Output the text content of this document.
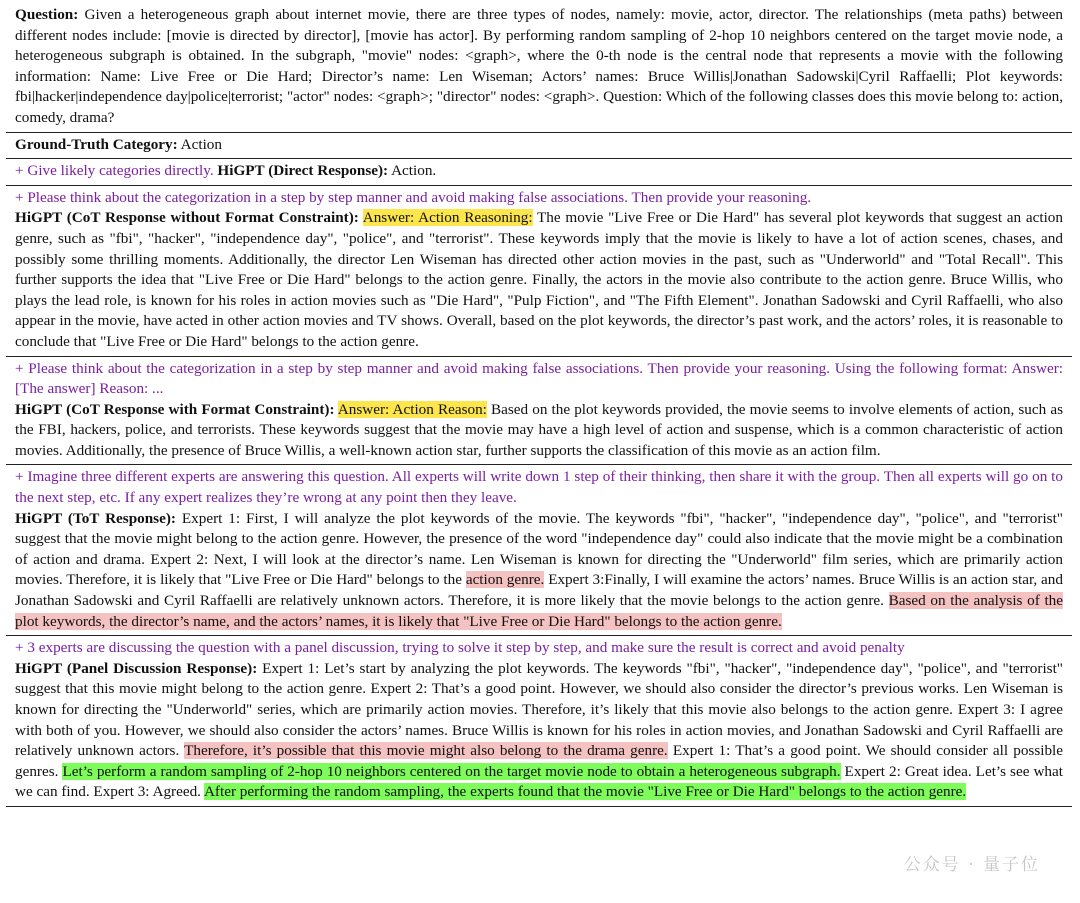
Question: Given a heterogeneous graph about internet movie, there are three types of nodes, namely: movie, actor, director. The relationships (meta paths) between different nodes include: [movie is directed by director], [movie has actor]. By performing random sampling of 2-hop 10 neighbors centered on the target movie node, a heterogeneous subgraph is obtained. In the subgraph, "movie" nodes: <graph>, where the 0-th node is the central node that represents a movie with the following information: Name: Live Free or Die Hard; Director’s name: Len Wiseman; Actors’ names: Bruce Willis|Jonathan Sadowski|Cyril Raffaelli; Plot keywords: fbi|hacker|independence day|police|terrorist; "actor" nodes: <graph>; "director" nodes: <graph>. Question: Which of the following classes does this movie belong to: action, comedy, drama?
Ground-Truth Category: Action
+ Give likely categories directly. HiGPT (Direct Response): Action.
+ Please think about the categorization in a step by step manner and avoid making false associations. Then provide your reasoning.
HiGPT (CoT Response without Format Constraint): Answer: Action Reasoning: The movie "Live Free or Die Hard" has several plot keywords that suggest an action genre, such as "fbi", "hacker", "independence day", "police", and "terrorist". These keywords imply that the movie is likely to have a lot of action scenes, chases, and possibly some thrilling moments. Additionally, the director Len Wiseman has directed other action movies in the past, such as "Underworld" and "Total Recall". This further supports the idea that "Live Free or Die Hard" belongs to the action genre. Finally, the actors in the movie also contribute to the action genre. Bruce Willis, who plays the lead role, is known for his roles in action movies such as "Die Hard", "Pulp Fiction", and "The Fifth Element". Jonathan Sadowski and Cyril Raffaelli, who also appear in the movie, have acted in other action movies and TV shows. Overall, based on the plot keywords, the director’s past work, and the actors’ roles, it is reasonable to conclude that "Live Free or Die Hard" belongs to the action genre.
+ Please think about the categorization in a step by step manner and avoid making false associations. Then provide your reasoning. Using the following format: Answer: [The answer] Reason: ...
HiGPT (CoT Response with Format Constraint): Answer: Action Reason: Based on the plot keywords provided, the movie seems to involve elements of action, such as the FBI, hackers, police, and terrorists. These keywords suggest that the movie may have a high level of action and suspense, which is a common characteristic of action movies. Additionally, the presence of Bruce Willis, a well-known action star, further supports the classification of this movie as an action film.
+ Imagine three different experts are answering this question. All experts will write down 1 step of their thinking, then share it with the group. Then all experts will go on to the next step, etc. If any expert realizes they’re wrong at any point then they leave.
HiGPT (ToT Response): Expert 1: First, I will analyze the plot keywords of the movie. The keywords "fbi", "hacker", "independence day", "police", and "terrorist" suggest that the movie might belong to the action genre. However, the presence of the word "independence day" could also indicate that the movie might be a combination of action and drama. Expert 2: Next, I will look at the director’s name. Len Wiseman is known for directing the "Underworld" film series, which are primarily action movies. Therefore, it is likely that "Live Free or Die Hard" belongs to the action genre. Expert 3:Finally, I will examine the actors’ names. Bruce Willis is an action star, and Jonathan Sadowski and Cyril Raffaelli are relatively unknown actors. Therefore, it is more likely that the movie belongs to the action genre. Based on the analysis of the plot keywords, the director’s name, and the actors’ names, it is likely that "Live Free or Die Hard" belongs to the action genre.
+ 3 experts are discussing the question with a panel discussion, trying to solve it step by step, and make sure the result is correct and avoid penalty
HiGPT (Panel Discussion Response): Expert 1: Let’s start by analyzing the plot keywords. The keywords "fbi", "hacker", "independence day", "police", and "terrorist" suggest that this movie might belong to the action genre. Expert 2: That’s a good point. However, we should also consider the director’s previous works. Len Wiseman is known for directing the "Underworld" series, which are primarily action movies. Therefore, it’s likely that this movie also belongs to the action genre. Expert 3: I agree with both of you. However, we should also consider the actors’ names. Bruce Willis is known for his roles in action movies, and Jonathan Sadowski and Cyril Raffaelli are relatively unknown actors. Therefore, it’s possible that this movie might also belong to the drama genre. Expert 1: That’s a good point. We should consider all possible genres. Let’s perform a random sampling of 2-hop 10 neighbors centered on the target movie node to obtain a heterogeneous subgraph. Expert 2: Great idea. Let’s see what we can find. Expert 3: Agreed. After performing the random sampling, the experts found that the movie "Live Free or Die Hard" belongs to the action genre.
公众号 · 量子位
